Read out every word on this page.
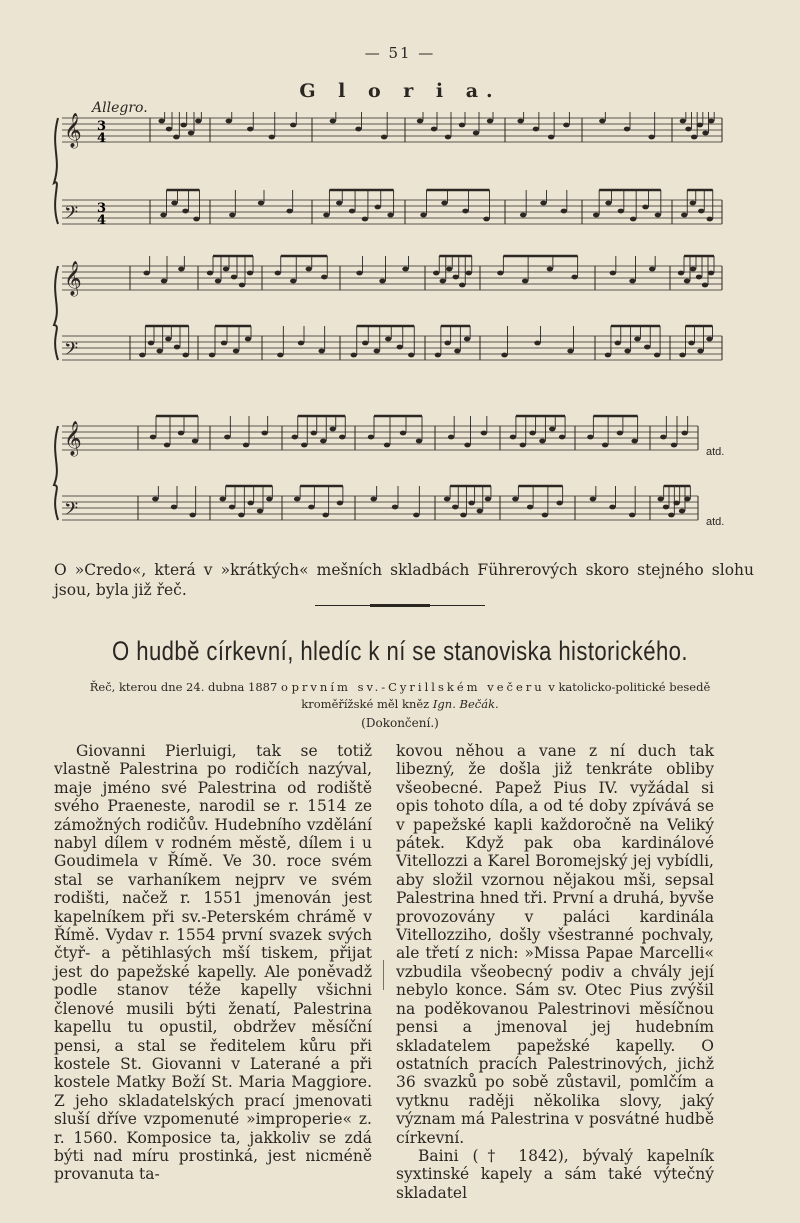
— 51 —
G l o r i a.
Allegro.
𝄞
𝄢
𝄞
𝄢
𝄞
𝄢
3
4
3
4
atd.
atd.
O »Credo«, která v »krátkých« mešních skladbách Führerových skoro stejného slohu jsou, byla již řeč.
O hudbě církevní, hledíc k ní se stanoviska historického.
Řeč, kterou dne 24. dubna 1887 o prvním sv.-Cyrillském večeru v katolicko-politické besedě kroměřížské měl kněz Ign. Bečák.
(Dokončení.)

Giovanni Pierluigi, tak se totiž vlastně Palestrina po rodičích nazýval, maje jméno své Palestrina od rodiště svého Praeneste, narodil se r. 1514 ze zámožných rodičův. Hudebního vzdělání nabyl dílem v rodném městě, dílem i u Goudimela v Římě. Ve 30. roce svém stal se varhaníkem nejprv ve svém rodišti, načež r. 1551 jmenován jest kapelníkem při sv.-Peterském chrámě v Římě. Vydav r. 1554 první svazek svých čtyř- a pětihlasých mší tiskem, přijat jest do papežské kapelly. Ale poněvadž podle stanov téže kapelly všichni členové musili býti ženatí, Palestrina kapellu tu opustil, obdržev měsíční pensi, a stal se ředitelem kůru při kostele St. Giovanni v Laterané a při kostele Matky Boží St. Maria Maggiore. Z jeho skladatelských prací jmenovati sluší dříve vzpomenuté »improperie« z. r. 1560. Komposice ta, jakkoliv se zdá býti nad míru prostinká, jest nicméně provanuta ta-

kovou něhou a vane z ní duch tak libezný, že došla již tenkráte obliby všeobecné. Papež Pius IV. vyžádal si opis tohoto díla, a od té doby zpívává se v papežské kapli každoročně na Veliký pátek. Když pak oba kardinálové Vitellozzi a Karel Boromejský jej vybídli, aby složil vzornou nějakou mši, sepsal Palestrina hned tři. První a druhá, byvše provozovány v paláci kardinála Vitellozziho, došly všestranné pochvaly, ale třetí z nich: »Missa Papae Marcelli« vzbudila všeobecný podiv a chvály její nebylo konce. Sám sv. Otec Pius zvýšil na poděkovanou Palestrinovi měsíčnou pensi a jmenoval jej hudebním skladatelem papežské kapelly. O ostatních pracích Palestrinových, jichž 36 svazků po sobě zůstavil, pomlčím a vytknu raději několika slovy, jaký význam má Palestrina v posvátné hudbě církevní.

Baini († 1842), bývalý kapelník syxtinské kapely a sám také výtečný skladatel
